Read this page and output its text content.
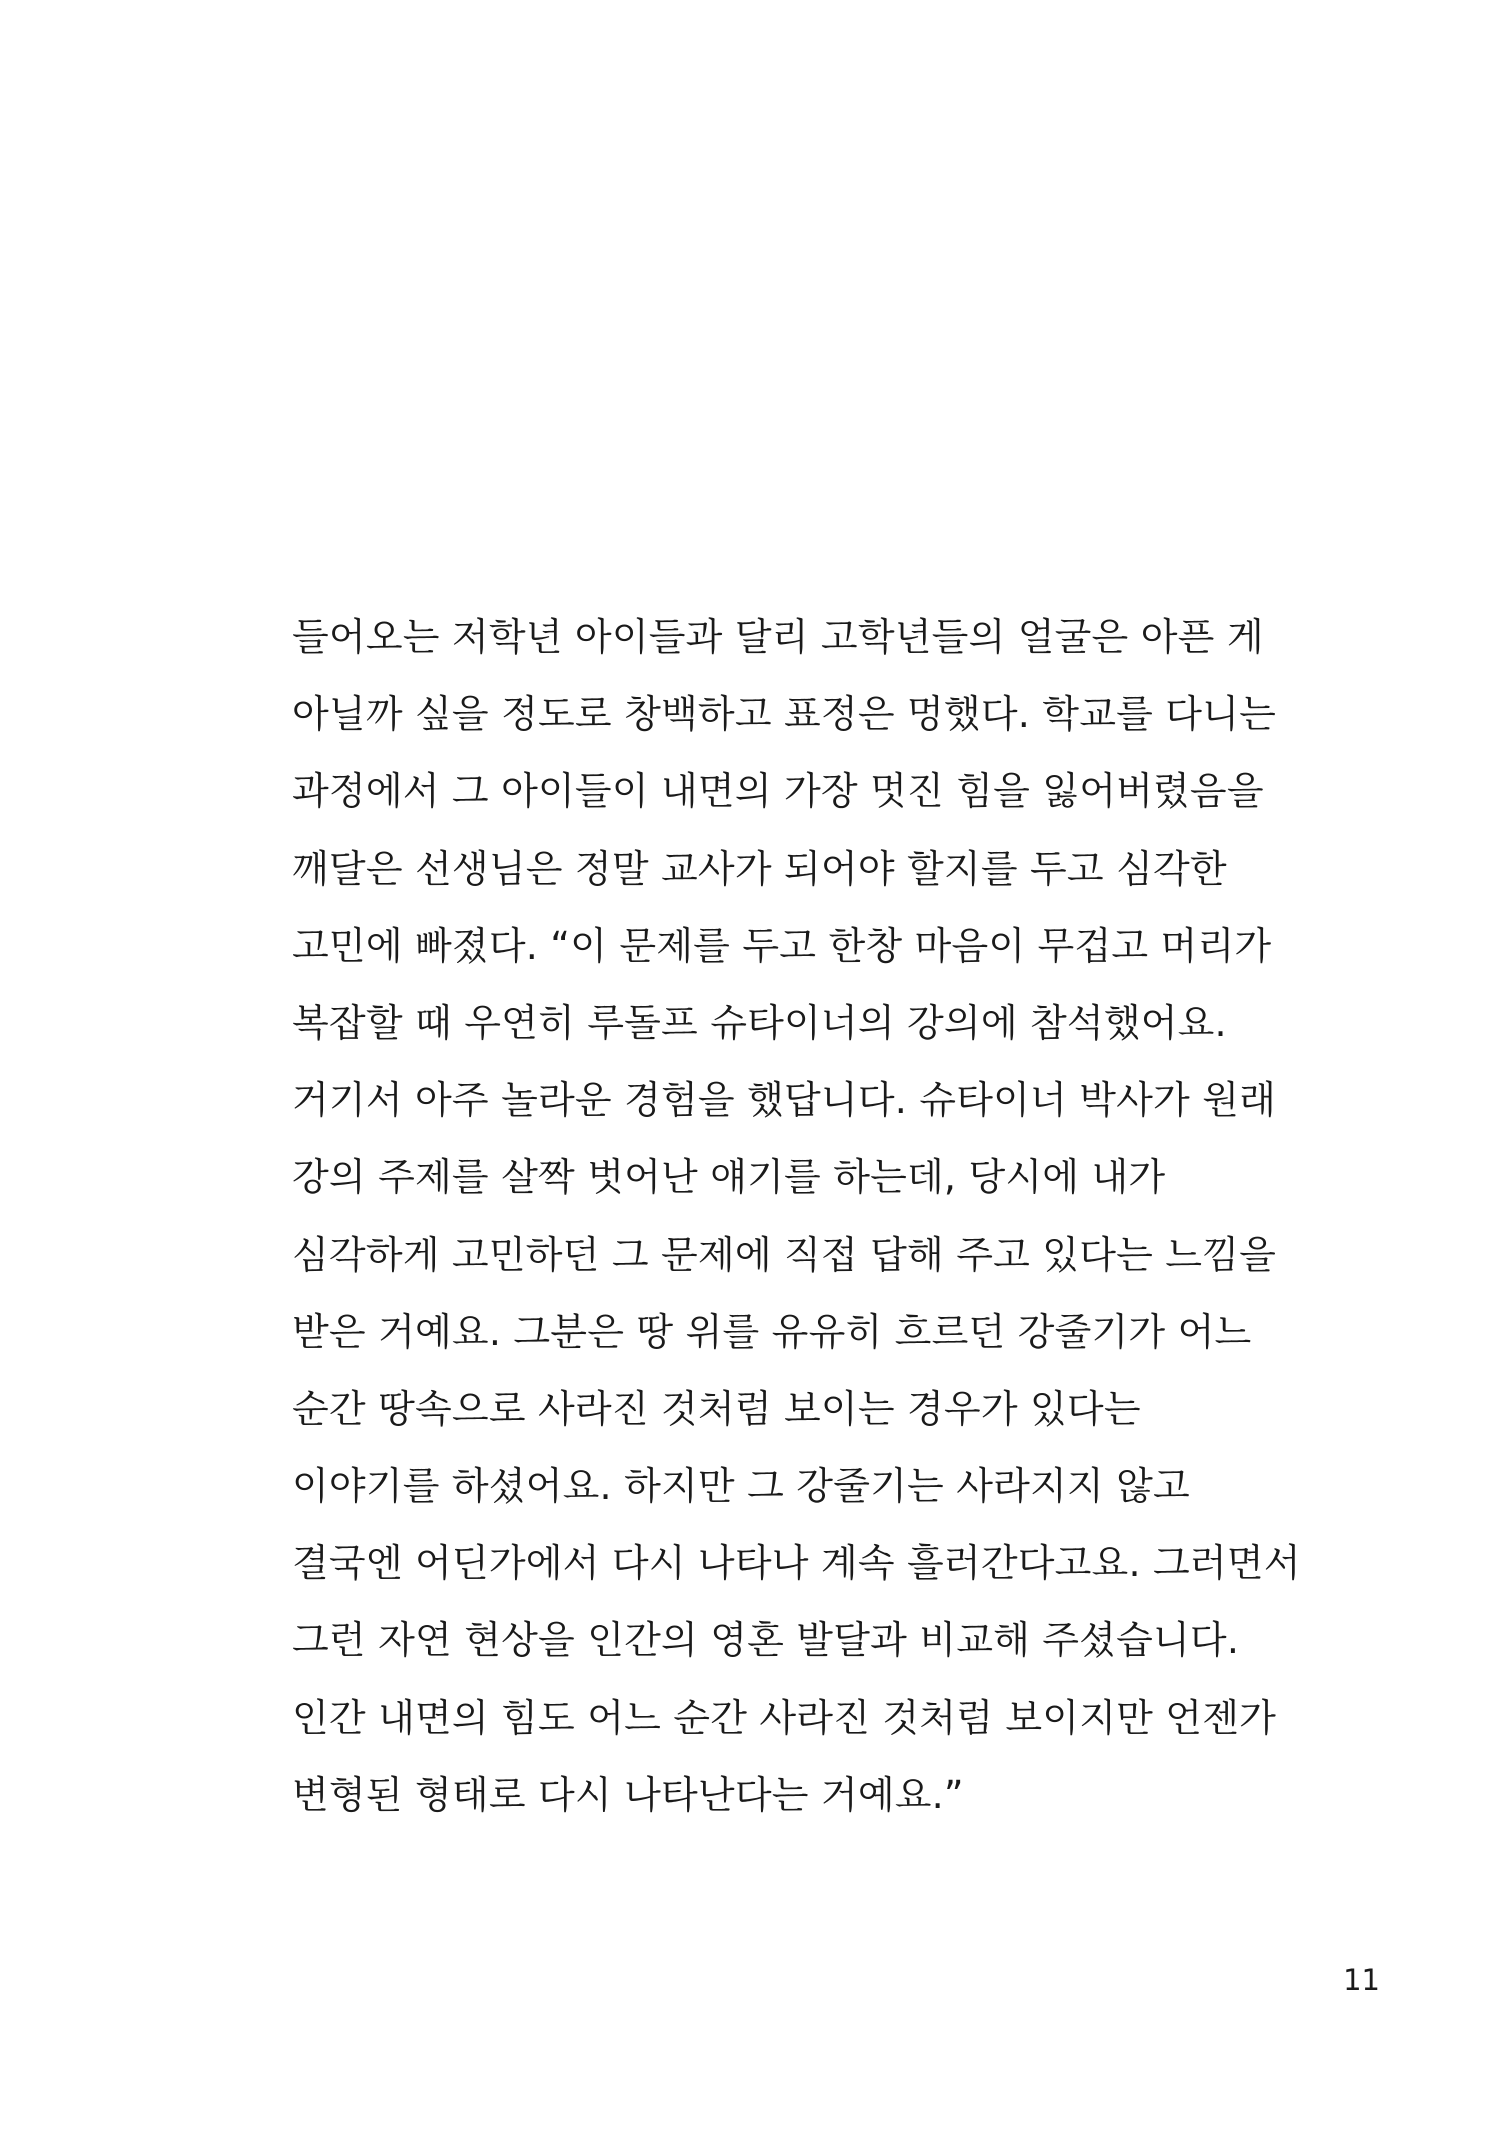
들어오는 저학년 아이들과 달리 고학년들의 얼굴은 아픈 게
아닐까 싶을 정도로 창백하고 표정은 멍했다. 학교를 다니는
과정에서 그 아이들이 내면의 가장 멋진 힘을 잃어버렸음을
깨달은 선생님은 정말 교사가 되어야 할지를 두고 심각한
고민에 빠졌다. “이 문제를 두고 한창 마음이 무겁고 머리가
복잡할 때 우연히 루돌프 슈타이너의 강의에 참석했어요.
거기서 아주 놀라운 경험을 했답니다. 슈타이너 박사가 원래
강의 주제를 살짝 벗어난 얘기를 하는데, 당시에 내가
심각하게 고민하던 그 문제에 직접 답해 주고 있다는 느낌을
받은 거예요. 그분은 땅 위를 유유히 흐르던 강줄기가 어느
순간 땅속으로 사라진 것처럼 보이는 경우가 있다는
이야기를 하셨어요. 하지만 그 강줄기는 사라지지 않고
결국엔 어딘가에서 다시 나타나 계속 흘러간다고요. 그러면서
그런 자연 현상을 인간의 영혼 발달과 비교해 주셨습니다.
인간 내면의 힘도 어느 순간 사라진 것처럼 보이지만 언젠가
변형된 형태로 다시 나타난다는 거예요.”
11
